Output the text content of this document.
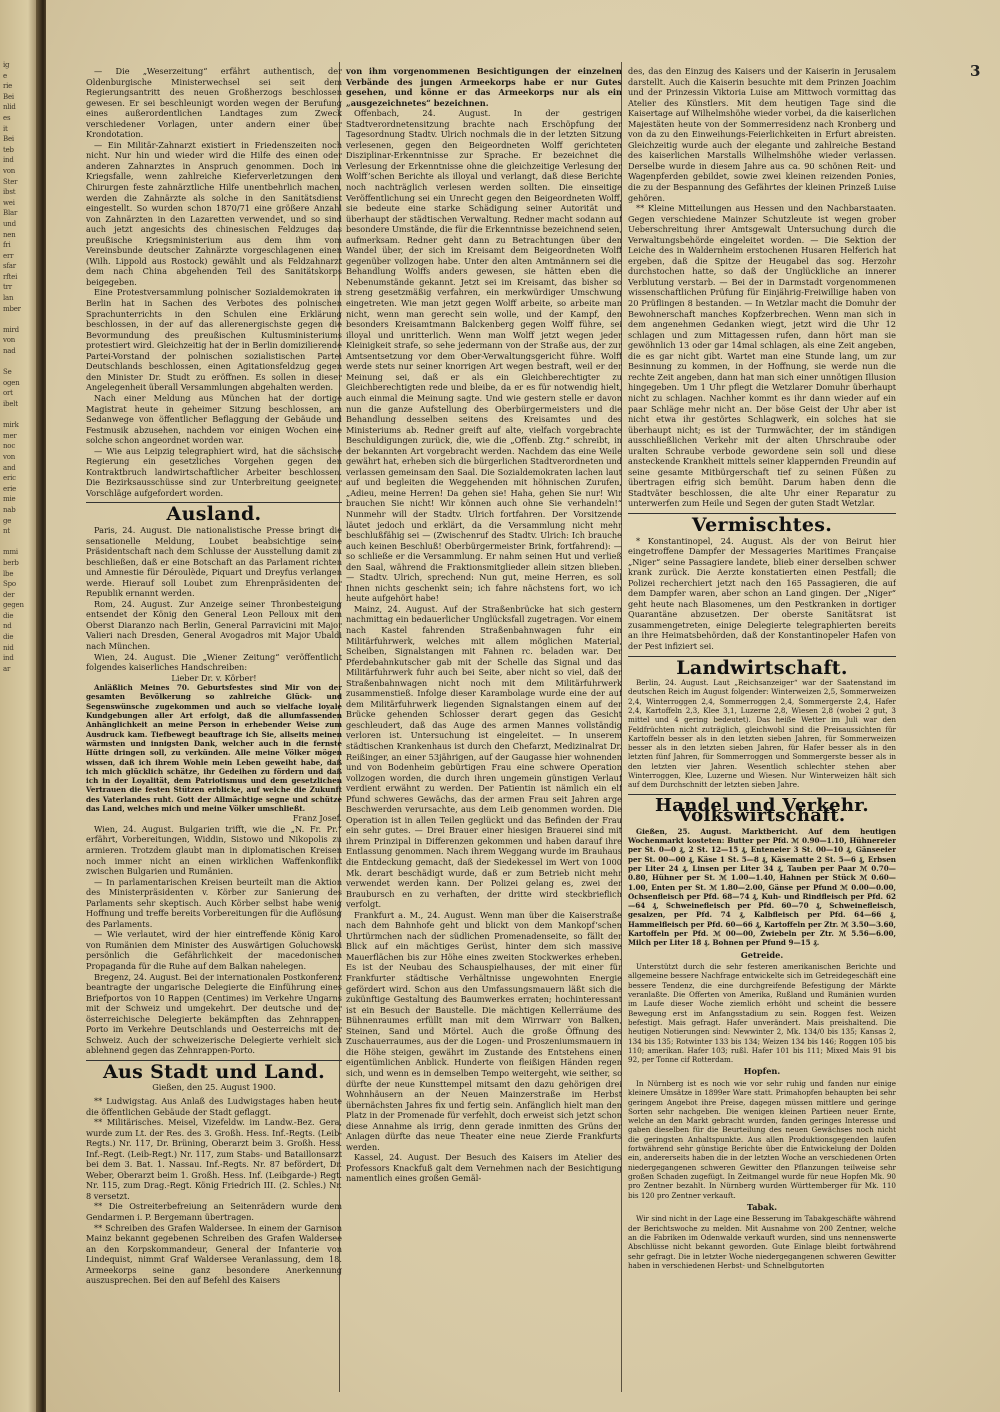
ig
e
rie
Bei
nlid
es
it
Bei
teb
ind
von
Ster
ibst
wei
Blar
und
nen
fri
err
sfar
rftei
trr
lan
mber

mird
von
nad

Se
ogen
ort
ibelt

mirk
mer
noc
von
and
eric
erie
mie
nab
ge
nt

mmi
berb
lbe
Spo
der
gegen
die
nd
die
nid
ind
ar
3

— Die „Weserzeitung“ erfährt authentisch, der Oldenburgische Ministerwechsel sei seit dem Regierungsantritt des neuen Großherzogs beschlossen gewesen. Er sei beschleunigt worden wegen der Berufung eines außerordentlichen Landtages zum Zweck verschiedener Vorlagen, unter andern einer über Krondotation.

— Ein Militär-Zahnarzt existiert in Friedenszeiten noch nicht. Nur hin und wieder wird die Hilfe des einen oder anderen Zahnarztes in Anspruch genommen. Doch im Kriegsfalle, wenn zahlreiche Kieferverletzungen dem Chirurgen feste zahnärztliche Hilfe unentbehrlich machen, werden die Zahnärzte als solche in den Sanitätsdienst eingestellt. So wurden schon 1870/71 eine größere Anzahl von Zahnärzten in den Lazaretten verwendet, und so sind auch jetzt angesichts des chinesischen Feldzuges das preußische Kriegsministerium aus dem ihm vom Vereinsbunde deutscher Zahnärzte vorgeschlagenen einen (Wilh. Lippold aus Rostock) gewählt und als Feldzahnarzt dem nach China abgehenden Teil des Sanitätskorps beigegeben.

Eine Protestversammlung polnischer Sozialdemokraten in Berlin hat in Sachen des Verbotes des polnischen Sprachunterrichts in den Schulen eine Erklärung beschlossen, in der auf das allerenergischste gegen die Bevormundung des preußischen Kultusministeriums protestiert wird. Gleichzeitig hat der in Berlin domizilierende Partei-Vorstand der polnischen sozialistischen Partei Deutschlands beschlossen, einen Agitationsfeldzug gegen den Minister Dr. Studt zu eröffnen. Es sollen in dieser Angelegenheit überall Versammlungen abgehalten werden.

Nach einer Meldung aus München hat der dortige Magistrat heute in geheimer Sitzung beschlossen, am Sedanwege von öffentlicher Beflaggung der Gebäude und Festmusik abzusehen, nachdem vor einigen Wochen eine solche schon angeordnet worden war.

— Wie aus Leipzig telegraphiert wird, hat die sächsische Regierung ein gesetzliches Vorgehen gegen den Kontraktbruch landwirtschaftlicher Arbeiter beschlossen. Die Bezirksausschüsse sind zur Unterbreitung geeigneter Vorschläge aufgefordert worden.

Ausland.

Paris, 24. August. Die nationalistische Presse bringt die sensationelle Meldung, Loubet beabsichtige seine Präsidentschaft nach dem Schlusse der Ausstellung damit zu beschließen, daß er eine Botschaft an das Parlament richten und Amnestie für Déroulède, Piquart und Dreyfus verlangen werde. Hierauf soll Loubet zum Ehrenpräsidenten der Republik ernannt werden.

Rom, 24. August. Zur Anzeige seiner Thronbesteigung entsendet der König den General Leon Pelloux mit dem Oberst Diaranzo nach Berlin, General Parravicini mit Major Valieri nach Dresden, General Avogadros mit Major Ubaldi nach München.

Wien, 24. August. Die „Wiener Zeitung“ veröffentlicht folgendes kaiserliches Handschreiben:

Lieber Dr. v. Körber!

Anläßlich Meines 70. Geburtsfestes sind Mir von der gesamten Bevölkerung so zahlreiche Glück- und Segenswünsche zugekommen und auch so vielfache loyale Kundgebungen aller Art erfolgt, daß die allumfassenden Anhänglichkeit an meine Person in erhebender Weise zum Ausdruck kam. Tiefbewegt beauftrage ich Sie, allseits meinen wärmsten und innigsten Dank, welcher auch in die fernste Hütte dringen soll, zu verkünden. Alle meine Völker mögen wissen, daß ich ihrem Wohle mein Leben geweiht habe, daß ich mich glücklich schätze, ihr Gedeihen zu fördern und daß ich in der Loyalität, dem Patriotismus und dem gesetzlichen Vertrauen die festen Stützen erblicke, auf welche die Zukunft des Vaterlandes ruht. Gott der Allmächtige segne und schütze das Land, welches mich und meine Völker umschließt.

Franz Josef.

Wien, 24. August. Bulgarien trifft, wie die „N. Fr. Pr.“ erfährt, Vorbereitungen, Widdin, Sistowo und Nikopolis zu armieren. Trotzdem glaubt man in diplomatischen Kreisen noch immer nicht an einen wirklichen Waffenkonflikt zwischen Bulgarien und Rumänien.

— In parlamentarischen Kreisen beurteilt man die Aktion des Ministerpräsidenten v. Körber zur Sanierung des Parlaments sehr skeptisch. Auch Körber selbst habe wenig Hoffnung und treffe bereits Vorbereitungen für die Auflösung des Parlaments.

— Wie verlautet, wird der hier eintreffende König Karol von Rumänien dem Minister des Auswärtigen Goluchowski persönlich die Gefährlichkeit der macedonischen Propaganda für die Ruhe auf dem Balkan nahelegen.

Bregenz, 24. August. Bei der internationalen Postkonferenz beantragte der ungarische Delegierte die Einführung eines Briefportos von 10 Rappen (Centimes) im Verkehre Ungarns mit der Schweiz und umgekehrt. Der deutsche und der österreichische Delegierte bekämpften das Zehnrappen-Porto im Verkehre Deutschlands und Oesterreichs mit der Schweiz. Auch der schweizerische Delegierte verhielt sich ablehnend gegen das Zehnrappen-Porto.

Aus Stadt und Land.

Gießen, den 25. August 1900.

** Ludwigstag. Aus Anlaß des Ludwigstages haben heute die öffentlichen Gebäude der Stadt geflaggt.

** Militärisches. Meisel, Vizefeldw. im Landw.-Bez. Gera, wurde zum Lt. der Res. des 3. Großh. Hess. Inf.-Regts. (Leib-Regts.) Nr. 117, Dr. Brüning, Oberarzt beim 3. Großh. Hess. Inf.-Regt. (Leib-Regt.) Nr. 117, zum Stabs- und Bataillonsarzt bei dem 3. Bat. 1. Nassau. Inf.-Regts. Nr. 87 befördert, Dr. Weber, Oberarzt beim 1. Großh. Hess. Inf. (Leibgarde-) Regt. Nr. 115, zum Drag.-Regt. König Friedrich III. (2. Schles.) Nr. 8 versetzt.

** Die Ostreiterbefreiung an Seitenrädern wurde dem Gendarmen i. P. Bergemann übertragen.

** Schreiben des Grafen Waldersee. In einem der Garnison Mainz bekannt gegebenen Schreiben des Grafen Waldersee an den Korpskommandeur, General der Infanterie von Lindequist, nimmt Graf Waldersee Veranlassung, dem 18. Armeekorps seine ganz besondere Anerkennung auszusprechen. Bei den auf Befehl des Kaisers

von ihm vorgenommenen Besichtigungen der einzelnen Verbände des jungen Armeekorps habe er nur Gutes gesehen, und könne er das Armeekorps nur als ein „ausgezeichnetes“ bezeichnen.

Offenbach, 24. August. In der gestrigen Stadtverordnetensitzung brachte nach Erschöpfung der Tagesordnung Stadtv. Ulrich nochmals die in der letzten Sitzung verlesenen, gegen den Beigeordneten Wolff gerichteten Disziplinar-Erkenntnisse zur Sprache. Er bezeichnet die Verlesung der Erkenntnisse ohne die gleichzeitige Verlesung der Wolff’schen Berichte als illoyal und verlangt, daß diese Berichte noch nachträglich verlesen werden sollten. Die einseitige Veröffentlichung sei ein Unrecht gegen den Beigeordneten Wolff, sie bedeute eine starke Schädigung seiner Autorität und überhaupt der städtischen Verwaltung. Redner macht sodann auf besondere Umstände, die für die Erkenntnisse bezeichnend seien, aufmerksam. Redner geht dann zu Betrachtungen über den Wandel über, der sich im Kreisamt dem Beigeordneten Wolff gegenüber vollzogen habe. Unter den alten Amtmännern sei die Behandlung Wolffs anders gewesen, sie hätten eben die Nebenumstände gekannt. Jetzt sei im Kreisamt, das bisher so streng gesetzmäßig verfahren, ein merkwürdiger Umschwung eingetreten. Wie man jetzt gegen Wolff arbeite, so arbeite man nicht, wenn man gerecht sein wolle, und der Kampf, den besonders Kreisamtmann Balckenberg gegen Wolff führe, sei illoyal und unritterlich. Wenn man Wolff jetzt wegen jeder Kleinigkeit strafe, so sehe jedermann von der Straße aus, der zur Amtsentsetzung vor dem Ober-Verwaltungsgericht führe. Wolff werde stets nur seiner knorrigen Art wegen bestraft, weil er der Meinung sei, daß er als ein Gleichberechtigter zu Gleichberechtigten rede und bleibe, da er es für notwendig hielt, auch einmal die Meinung sagte. Und wie gestern stelle er davon nun die ganze Aufstellung des Oberbürgermeisters und die Behandlung desselben seitens des Kreisamtes und des Ministeriums ab. Redner greift auf alte, vielfach vorgebrachte Beschuldigungen zurück, die, wie die „Offenb. Ztg.“ schreibt, in der bekannten Art vorgebracht werden. Nachdem das eine Weile gewährt hat, erheben sich die bürgerlichen Stadtverordneten und verlassen gemeinsam den Saal. Die Sozialdemokraten lachen laut auf und begleiten die Weggehenden mit höhnischen Zurufen, „Adieu, meine Herren! Da gehen sie! Haha, gehen Sie nur! Wir brauchen Sie nicht! Wir können auch ohne Sie verhandeln!“ Nunmehr will der Stadtv. Ulrich fortfahren. Der Vorsitzende läutet jedoch und erklärt, da die Versammlung nicht mehr beschlußfähig sei — (Zwischenruf des Stadtv. Ulrich: Ich brauche auch keinen Beschluß! Oberbürgermeister Brink, fortfahrend): — so schließe er die Versammlung. Er nahm seinen Hut und verließ den Saal, während die Fraktionsmitglieder allein sitzen blieben. — Stadtv. Ulrich, sprechend: Nun gut, meine Herren, es soll Ihnen nichts geschenkt sein; ich fahre nächstens fort, wo ich heute aufgehört habe!

Mainz, 24. August. Auf der Straßenbrücke hat sich gestern nachmittag ein bedauerlicher Unglücksfall zugetragen. Vor einem nach Kastel fahrenden Straßenbahnwagen fuhr ein Militärfuhrwerk, welches mit allem möglichen Material, Scheiben, Signalstangen mit Fahnen rc. beladen war. Der Pferdebahnkutscher gab mit der Schelle das Signal und das Militärfuhrwerk fuhr auch bei Seite, aber nicht so viel, daß der Straßenbahnwagen nicht noch mit dem Militärfuhrwerk zusammenstieß. Infolge dieser Karambolage wurde eine der auf dem Militärfuhrwerk liegenden Signalstangen einem auf der Brücke gehenden Schlosser derart gegen das Gesicht geschleudert, daß das Auge des armen Mannes vollständig verloren ist. Untersuchung ist eingeleitet. — In unserem städtischen Krankenhaus ist durch den Chefarzt, Medizinalrat Dr. Reißinger, an einer 53jährigen, auf der Gaugasse hier wohnenden und von Bodenheim gebürtigen Frau eine schwere Operation vollzogen worden, die durch ihren ungemein günstigen Verlauf verdient erwähnt zu werden. Der Patientin ist nämlich ein elf Pfund schweres Gewächs, das der armen Frau seit Jahren arge Beschwerden verursachte, aus dem Leib genommen worden. Die Operation ist in allen Teilen geglückt und das Befinden der Frau ein sehr gutes. — Drei Brauer einer hiesigen Brauerei sind mit ihrem Prinzipal in Differenzen gekommen und haben darauf ihre Entlassung genommen. Nach ihrem Weggang wurde im Brauhaus die Entdeckung gemacht, daß der Siedekessel im Wert von 1000 Mk. derart beschädigt wurde, daß er zum Betrieb nicht mehr verwendet werden kann. Der Polizei gelang es, zwei der Braubursch en zu verhaften, der dritte wird steckbrieflich verfolgt.

Frankfurt a. M., 24. August. Wenn man über die Kaiserstraße nach dem Bahnhofe geht und blickt von dem Mankopf’schen Uhrtürmchen nach der südlichen Promenadenseite, so fällt der Blick auf ein mächtiges Gerüst, hinter dem sich massive Mauerflächen bis zur Höhe eines zweiten Stockwerkes erheben. Es ist der Neubau des Schauspielhauses, der mit einer für Frankfurter städtische Verhältnisse ungewohnten Energie gefördert wird. Schon aus den Umfassungsmauern läßt sich die zukünftige Gestaltung des Baumwerkes erraten; hochinteressant ist ein Besuch der Baustelle. Die mächtigen Kellerräume des Bühnenraumes erfüllt man mit dem Wirrwarr von Balken, Steinen, Sand und Mörtel. Auch die große Öffnung des Zuschauerraumes, aus der die Logen- und Proszeniumsmauern in die Höhe steigen, gewährt im Zustande des Entstehens einen eigentümlichen Anblick. Hunderte von fleißigen Händen regen sich, und wenn es in demselben Tempo weitergeht, wie seither, so dürfte der neue Kunsttempel mitsamt den dazu gehörigen drei Wohnhäusern an der Neuen Mainzerstraße im Herbst übernächsten Jahres fix und fertig sein. Anfänglich hielt man den Platz in der Promenade für verfehlt, doch erweist sich jetzt schon diese Annahme als irrig, denn gerade inmitten des Grüns der Anlagen dürfte das neue Theater eine neue Zierde Frankfurts werden.

Kassel, 24. August. Der Besuch des Kaisers im Atelier des Professors Knackfuß galt dem Vernehmen nach der Besichtigung namentlich eines großen Gemäl-

des, das den Einzug des Kaisers und der Kaiserin in Jerusalem darstellt. Auch die Kaiserin besuchte mit dem Prinzen Joachim und der Prinzessin Viktoria Luise am Mittwoch vormittag das Atelier des Künstlers. Mit dem heutigen Tage sind die Kaisertage auf Wilhelmshöhe wieder vorbei, da die kaiserlichen Majestäten heute von der Sommerresidenz nach Kronberg und von da zu den Einweihungs-Feierlichkeiten in Erfurt abreisten. Gleichzeitig wurde auch der elegante und zahlreiche Bestand des kaiserlichen Marstalls Wilhelmshöhe wieder verlassen. Derselbe wurde in diesem Jahre aus ca. 90 schönen Reit- und Wagenpferden gebildet, sowie zwei kleinen reizenden Ponies, die zu der Bespannung des Gefährtes der kleinen Prinzeß Luise gehören.

** Kleine Mitteilungen aus Hessen und den Nachbarstaaten. Gegen verschiedene Mainzer Schutzleute ist wegen grober Ueberschreitung ihrer Amtsgewalt Untersuchung durch die Verwaltungsbehörde eingeleitet worden. — Die Sektion der Leiche des in Waldernheim erstochenen Husaren Helferich hat ergeben, daß die Spitze der Heugabel das sog. Herzohr durchstochen hatte, so daß der Unglückliche an innerer Verblutung verstarb. — Bei der in Darmstadt vorgenommenen wissenschaftlichen Prüfung für Einjährig-Freiwillige haben von 20 Prüflingen 8 bestanden. — In Wetzlar macht die Domuhr der Bewohnerschaft manches Kopfzerbrechen. Wenn man sich in dem angenehmen Gedanken wiegt, jetzt wird die Uhr 12 schlagen und zum Mittagessen rufen, dann hört man sie gewöhnlich 13 oder gar 14mal schlagen, als eine Zeit angeben, die es gar nicht gibt. Wartet man eine Stunde lang, um zur Besinnung zu kommen, in der Hoffnung, sie werde nun die rechte Zeit angeben, dann hat man sich einer unnötigen Illusion hingegeben. Um 1 Uhr pflegt die Wetzlarer Domuhr überhaupt nicht zu schlagen. Nachher kommt es ihr dann wieder auf ein paar Schläge mehr nicht an. Der böse Geist der Uhr aber ist nicht etwa ihr gestörtes Schlagwerk, ein solches hat sie überhaupt nicht; es ist der Turmwächter, der im ständigen ausschließlichen Verkehr mit der alten Uhrschraube oder uralten Schraube verbode gewordene sein soll und diese ansteckende Krankheit mittels seiner klappernden Freundin auf seine gesamte Mitbürgerschaft tief zu seinen Füßen zu übertragen eifrig sich bemüht. Darum haben denn die Stadtväter beschlossen, die alte Uhr einer Reparatur zu unterwerfen zum Heile und Segen der guten Stadt Wetzlar.

Vermischtes.

* Konstantinopel, 24. August. Als der von Beirut hier eingetroffene Dampfer der Messageries Maritimes Française „Niger“ seine Passagiere landete, blieb einer derselben schwer krank zurück. Die Aerzte konstatierten einen Pestfall; die Polizei recherchiert jetzt nach den 165 Passagieren, die auf dem Dampfer waren, aber schon an Land gingen. Der „Niger“ geht heute nach Blasomenes, um den Pestkranken in dortiger Quarantäne abzusetzen. Der oberste Sanitätsrat ist zusammengetreten, einige Delegierte telegraphierten bereits an ihre Heimatsbehörden, daß der Konstantinopeler Hafen von der Pest infiziert sei.

Landwirtschaft.

Berlin, 24. August. Laut „Reichsanzeiger“ war der Saatenstand im deutschen Reich im August folgender: Winterweizen 2,5, Sommerweizen 2,4, Winterroggen 2,4, Sommerroggen 2,4, Sommergerste 2,4, Hafer 2,4, Kartoffeln 2,3, Klee 3,1, Luzerne 2,8, Wiesen 2,8 (wobei 2 gut, 3 mittel und 4 gering bedeutet). Das heiße Wetter im Juli war den Feldfrüchten nicht zuträglich, gleichwohl sind die Preisaussichten für Kartoffeln besser als in den letzten sieben Jahren, für Sommerweizen besser als in den letzten sieben Jahren, für Hafer besser als in den letzten fünf Jahren, für Sommerroggen und Sommergerste besser als in den letzten vier Jahren. Wesentlich schlechter stehen aber Winterroggen, Klee, Luzerne und Wiesen. Nur Winterweizen hält sich auf dem Durchschnitt der letzten sieben Jahre.

Handel und Verkehr. Volkswirtschaft.

Gießen, 25. August. Marktbericht. Auf dem heutigen Wochenmarkt kosteten: Butter per Pfd. ℳ 0.90—1.10, Hühnereier per St. 0—0 ₰, 2 St. 12—15 ₰, Enteneier 3 St. 00—10 ₰, Gänseeier per St. 00—00 ₰, Käse 1 St. 5—8 ₰, Käsematte 2 St. 5—6 ₰, Erbsen per Liter 24 ₰, Linsen per Liter 34 ₰, Tauben per Paar ℳ 0.70—0.80, Hühner per St. ℳ 1.00—1.40, Hahnen per Stück ℳ 0.60—1.00, Enten per St. ℳ 1.80—2.00, Gänse per Pfund ℳ 0.00—0.00, Ochsenfleisch per Pfd. 68—74 ₰, Kuh- und Rindfleisch per Pfd. 62—64 ₰, Schweinefleisch per Pfd. 60—70 ₰, Schweinefleisch, gesalzen, per Pfd. 74 ₰, Kalbfleisch per Pfd. 64—66 ₰, Hammelfleisch per Pfd. 60—66 ₰, Kartoffeln per Ztr. ℳ 3.50—3.60, Kartoffeln per Pfd. ℳ 00—00, Zwiebeln per Ztr. ℳ 5.56—6.00, Milch per Liter 18 ₰. Bohnen per Pfund 9—15 ₰.

Getreide.

Unterstützt durch die sehr festeren amerikanischen Berichte und allgemeine bessere Nachfrage entwickelte sich im Getreidegeschäft eine bessere Tendenz, die eine durchgreifende Befestigung der Märkte veranlaßte. Die Offerten von Amerika, Rußland und Rumänien wurden im Laufe dieser Woche ziemlich erhöht und scheint die bessere Bewegung erst im Anfangsstadium zu sein. Roggen fest. Weizen befestigt. Mais gefragt. Hafer unverändert. Mais preishaltend. Die heutigen Notierungen sind: Newwinter 2, Mk. 134/0 bis 135; Kansas 2, 134 bis 135; Rotwinter 133 bis 134; Weizen 134 bis 146; Roggen 105 bis 110; amerikan. Hafer 103; rußl. Hafer 101 bis 111; Mixed Mais 91 bis 92, per Tonne cif Rotterdam.

Hopfen.

In Nürnberg ist es noch wie vor sehr ruhig und fanden nur einige kleinere Umsätze in 1899er Ware statt. Primahopfen behaupten bei sehr geringem Angebot ihre Preise, dagegen müssen mittlere und geringe Sorten sehr nachgeben. Die wenigen kleinen Partieen neuer Ernte, welche an den Markt gebracht wurden, fanden geringes Interesse und gaben dieselben für die Beurteilung des neuen Gewächses noch nicht die geringsten Anhaltspunkte. Aus allen Produktionsgegenden laufen fortwährend sehr günstige Berichte über die Entwickelung der Dolden ein, andererseits haben die in der letzten Woche an verschiedenen Orten niedergegangenen schweren Gewitter den Pflanzungen teilweise sehr großen Schaden zugefügt. In Zeitmangel wurde für neue Hopfen Mk. 90 pro Zentner bezahlt. In Nürnberg wurden Württemberger für Mk. 110 bis 120 pro Zentner verkauft.

Tabak.

Wir sind nicht in der Lage eine Besserung im Tabakgeschäfte während der Berichtswoche zu melden. Mit Ausnahme von 200 Zentner, welche an die Fabriken im Odenwalde verkauft wurden, sind uns nennenswerte Abschlüsse nicht bekannt geworden. Gute Einlage bleibt fortwährend sehr gefragt. Die in letzter Woche niedergegangenen schweren Gewitter haben in verschiedenen Herbst- und Schnelbgutorten
